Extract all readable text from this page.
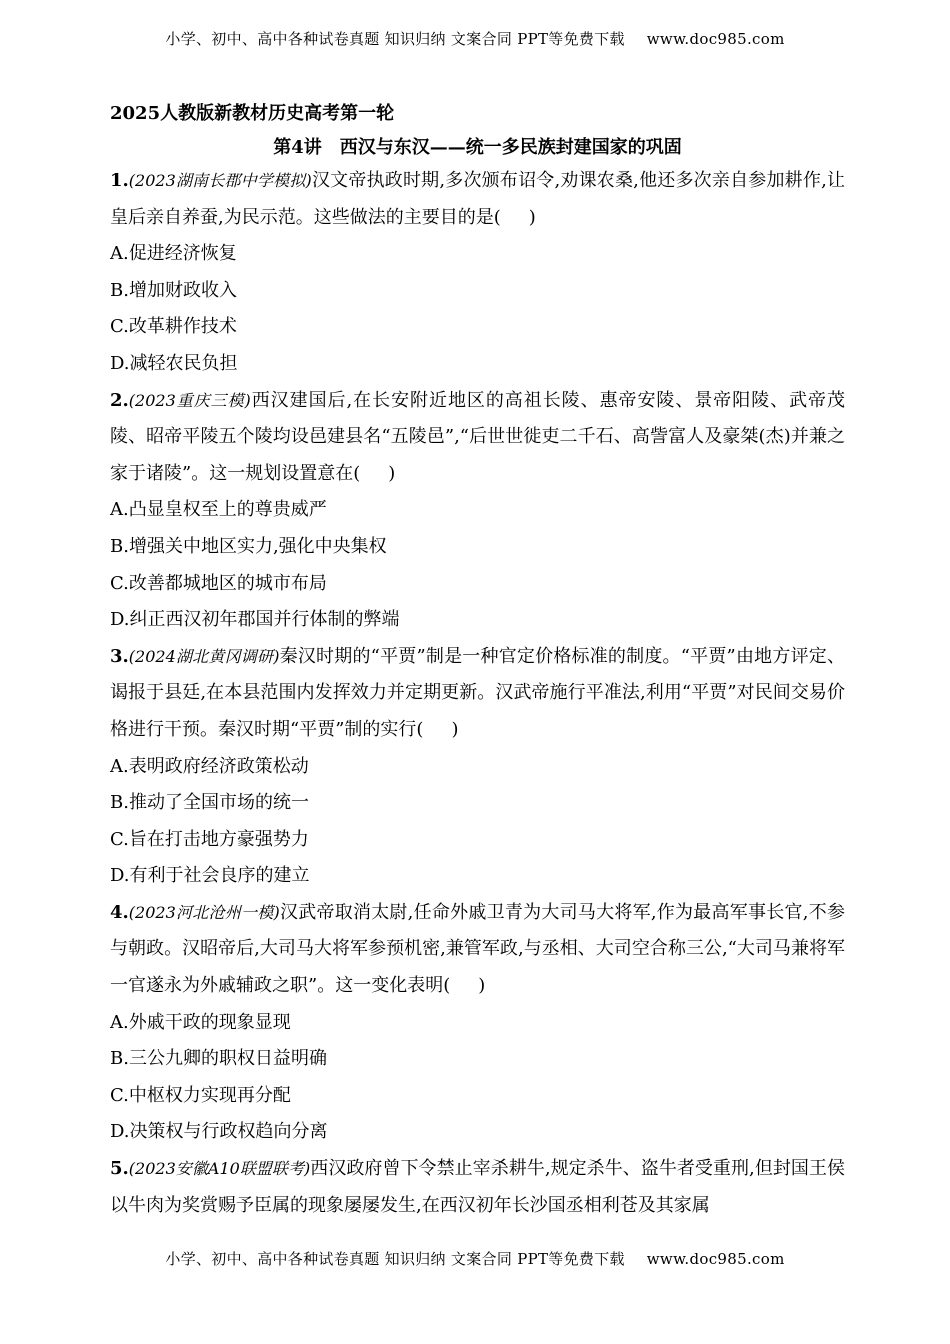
小学、初中、高中各种试卷真题 知识归纳 文案合同 PPT等免费下载 www.doc985.com
2025人教版新教材历史高考第一轮
第4讲　西汉与东汉——统一多民族封建国家的巩固
1.(2023湖南长郡中学模拟)汉文帝执政时期,多次颁布诏令,劝课农桑,他还多次亲自参加耕作,让皇后亲自养蚕,为民示范。这些做法的主要目的是( )
A.促进经济恢复
B.增加财政收入
C.改革耕作技术
D.减轻农民负担
2.(2023重庆三模)西汉建国后,在长安附近地区的高祖长陵、惠帝安陵、景帝阳陵、武帝茂陵、昭帝平陵五个陵均设邑建县名“五陵邑”,“后世世徙吏二千石、高訾富人及豪桀(杰)并兼之家于诸陵”。这一规划设置意在( )
A.凸显皇权至上的尊贵威严
B.增强关中地区实力,强化中央集权
C.改善都城地区的城市布局
D.纠正西汉初年郡国并行体制的弊端
3.(2024湖北黄冈调研)秦汉时期的“平贾”制是一种官定价格标准的制度。“平贾”由地方评定、谒报于县廷,在本县范围内发挥效力并定期更新。汉武帝施行平准法,利用“平贾”对民间交易价格进行干预。秦汉时期“平贾”制的实行( )
A.表明政府经济政策松动
B.推动了全国市场的统一
C.旨在打击地方豪强势力
D.有利于社会良序的建立
4.(2023河北沧州一模)汉武帝取消太尉,任命外戚卫青为大司马大将军,作为最高军事长官,不参与朝政。汉昭帝后,大司马大将军参预机密,兼管军政,与丞相、大司空合称三公,“大司马兼将军一官遂永为外戚辅政之职”。这一变化表明( )
A.外戚干政的现象显现
B.三公九卿的职权日益明确
C.中枢权力实现再分配
D.决策权与行政权趋向分离
5.(2023安徽A10联盟联考)西汉政府曾下令禁止宰杀耕牛,规定杀牛、盗牛者受重刑,但封国王侯以牛肉为奖赏赐予臣属的现象屡屡发生,在西汉初年长沙国丞相利苍及其家属
小学、初中、高中各种试卷真题 知识归纳 文案合同 PPT等免费下载 www.doc985.com
